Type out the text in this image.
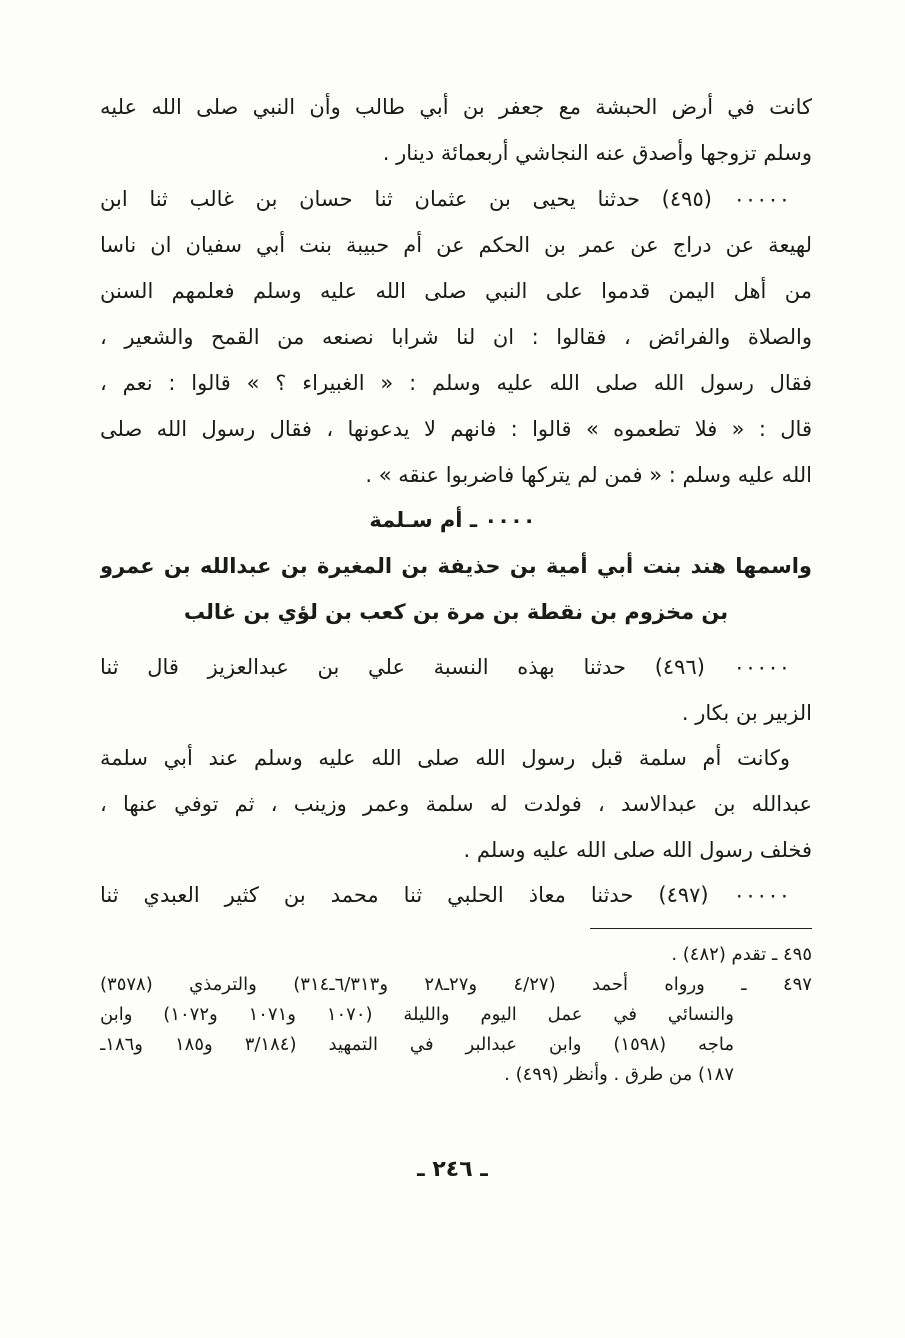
كانت في أرض الحبشة مع جعفر بن أبي طالب وأن النبي صلى الله عليه
وسلم تزوجها وأصدق عنه النجاشي أربعمائة دينار .
٠٠٠٠٠ (٤٩٥) حدثنا يحيى بن عثمان ثنا حسان بن غالب ثنا ابن
لهيعة عن دراج عن عمر بن الحكم عن أم حبيبة بنت أبي سفيان ان ناسا
من أهل اليمن قدموا على النبي صلى الله عليه وسلم فعلمهم السنن
والصلاة والفرائض ، فقالوا : ان لنا شرابا نصنعه من القمح والشعير ،
فقال رسول الله صلى الله عليه وسلم : « الغبيراء ؟ » قالوا : نعم ،
قال : « فلا تطعموه » قالوا : فانهم لا يدعونها ، فقال رسول الله صلى
الله عليه وسلم : « فمن لم يتركها فاضربوا عنقه » .
٠٠٠٠ ـ أم سـلمة
واسمها هند بنت أبي أمية بن حذيفة بن المغيرة بن عبدالله بن عمرو
بن مخزوم بن نقطة بن مرة بن كعب بن لؤي بن غالب
٠٠٠٠٠ (٤٩٦) حدثنا بهذه النسبة علي بن عبدالعزيز قال ثنا
الزبير بن بكار .
وكانت أم سلمة قبل رسول الله صلى الله عليه وسلم عند أبي سلمة
عبدالله بن عبدالاسد ، فولدت له سلمة وعمر وزينب ، ثم توفي عنها ،
فخلف رسول الله صلى الله عليه وسلم .
٠٠٠٠٠ (٤٩٧) حدثنا معاذ الحلبي ثنا محمد بن كثير العبدي ثنا
٤٩٥ ـ تقدم (٤٨٢) .
٤٩٧ ـ ورواه أحمد (٤/٢٧ و٢٧ـ٢٨ و٦/٣١٣ـ٣١٤) والترمذي (٣٥٧٨)
والنسائي في عمل اليوم والليلة (١٠٧٠ و١٠٧١ و١٠٧٢) وابن
ماجه (١٥٩٨) وابن عبدالبر في التمهيد (٣/١٨٤ و١٨٥ و١٨٦ـ
١٨٧) من طرق . وأنظر (٤٩٩) .
ـ ٢٤٦ ـ
